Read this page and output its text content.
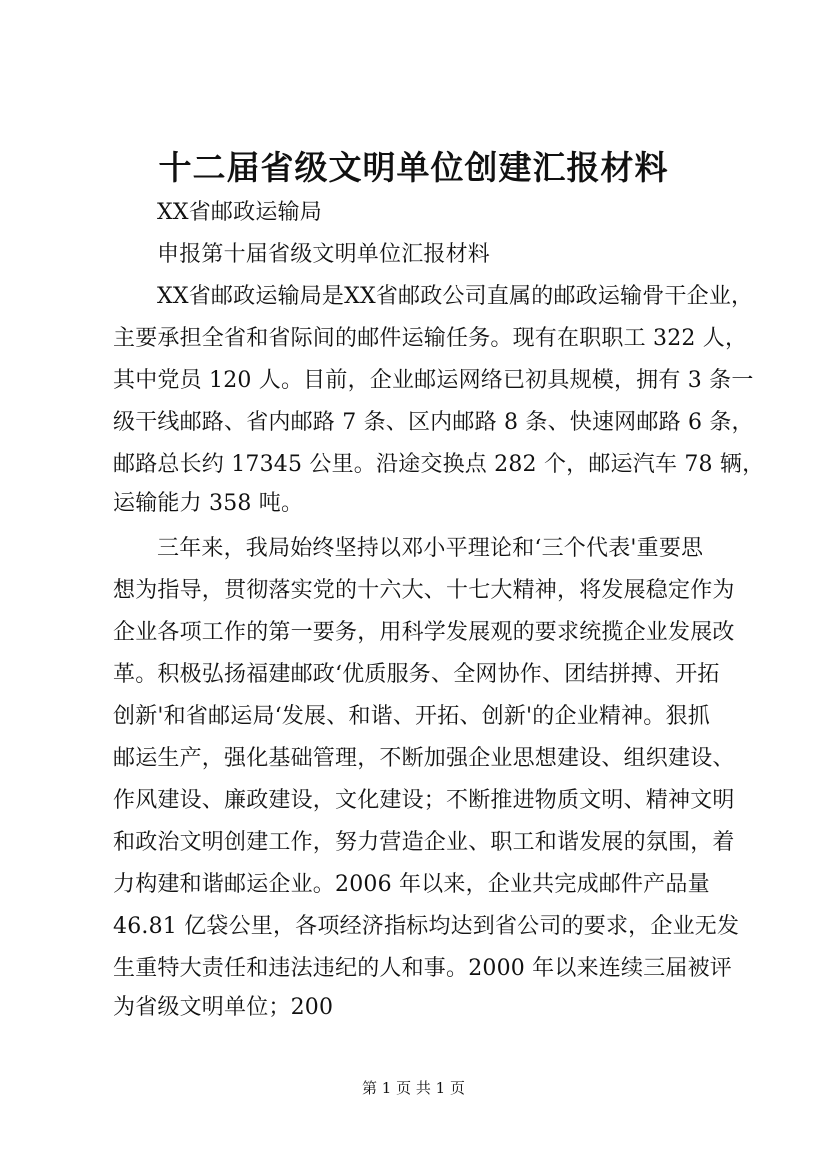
十二届省级文明单位创建汇报材料
XX省邮政运输局
申报第十届省级文明单位汇报材料
XX省邮政运输局是XX省邮政公司直属的邮政运输骨干企业，
主要承担全省和省际间的邮件运输任务。现有在职职工 322 人，
其中党员 120 人。目前，企业邮运网络已初具规模，拥有 3 条一
级干线邮路、省内邮路 7 条、区内邮路 8 条、快速网邮路 6 条，
邮路总长约 17345 公里。沿途交换点 282 个，邮运汽车 78 辆，
运输能力 358 吨。
三年来，我局始终坚持以邓小平理论和‘三个代表'重要思
想为指导，贯彻落实党的十六大、十七大精神，将发展稳定作为
企业各项工作的第一要务，用科学发展观的要求统揽企业发展改
革。积极弘扬福建邮政‘优质服务、全网协作、团结拼搏、开拓
创新'和省邮运局‘发展、和谐、开拓、创新'的企业精神。狠抓
邮运生产，强化基础管理，不断加强企业思想建设、组织建设、
作风建设、廉政建设，文化建设；不断推进物质文明、精神文明
和政治文明创建工作，努力营造企业、职工和谐发展的氛围，着
力构建和谐邮运企业。2006 年以来，企业共完成邮件产品量
46.81 亿袋公里，各项经济指标均达到省公司的要求，企业无发
生重特大责任和违法违纪的人和事。2000 年以来连续三届被评
为省级文明单位；200
第 1 页 共 1 页
